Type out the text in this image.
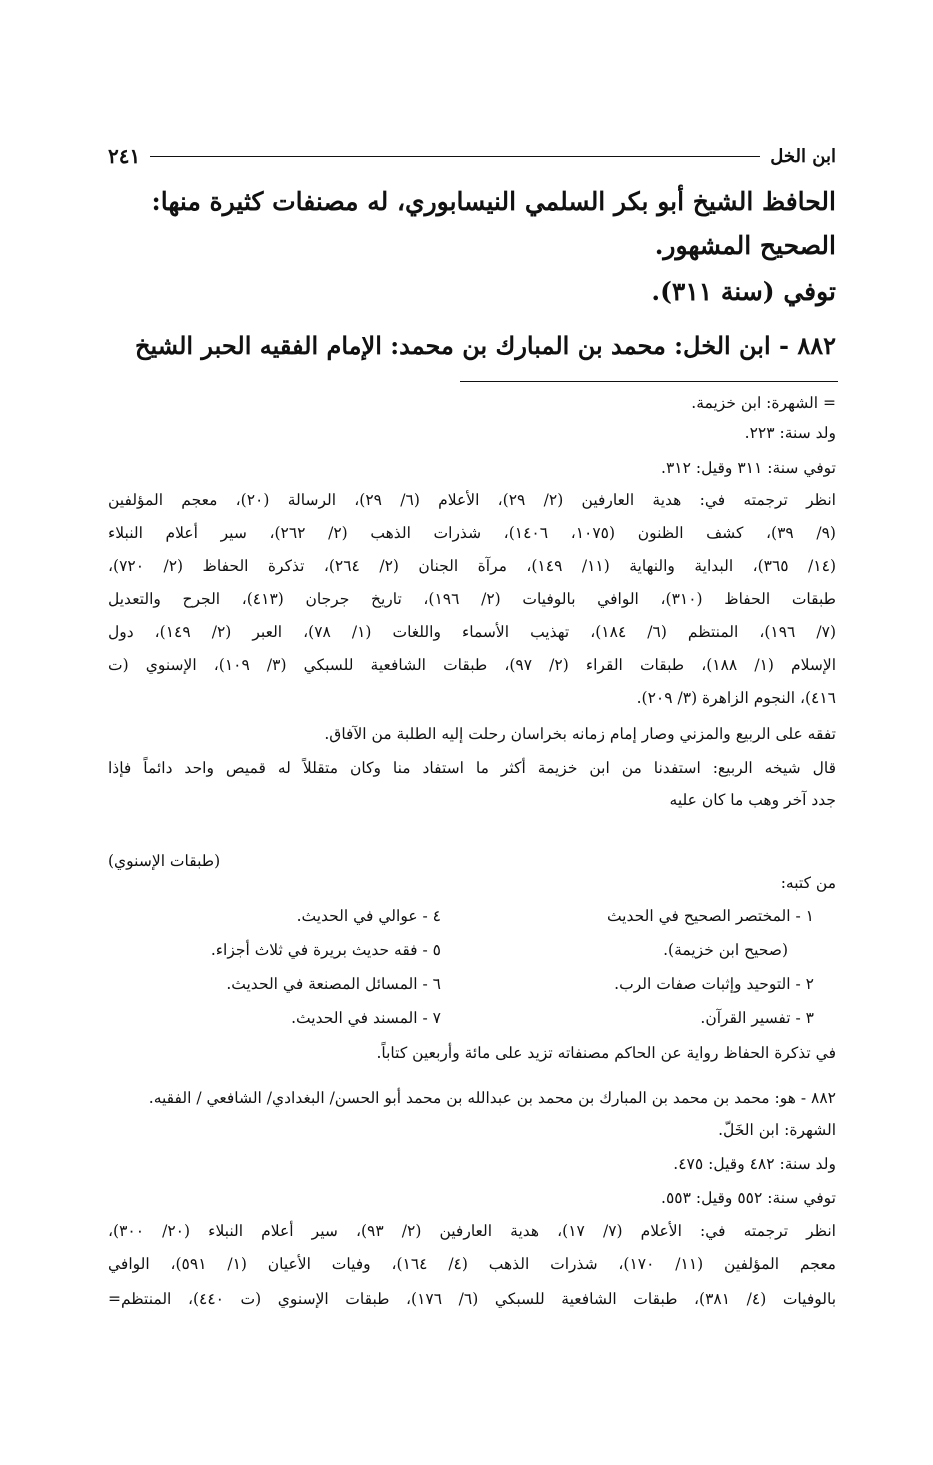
ابن الخل
٢٤١
الحافظ الشيخ أبو بكر السلمي النيسابوري، له مصنفات كثيرة منها:
الصحيح المشهور.
توفي (سنة ٣١١).
٨٨٢ - ابن الخل: محمد بن المبارك بن محمد: الإمام الفقيه الحبر الشيخ
= الشهرة: ابن خزيمة.
ولد سنة: ٢٢٣.
توفي سنة: ٣١١ وقيل: ٣١٢.
انظر ترجمته في: هدية العارفين (٢/ ٢٩)، الأعلام (٦/ ٢٩)، الرسالة (٢٠)، معجم المؤلفين
(٩/ ٣٩)، كشف الظنون (١٠٧٥، ١٤٠٦)، شذرات الذهب (٢/ ٢٦٢)، سير أعلام النبلاء
(١٤/ ٣٦٥)، البداية والنهاية (١١/ ١٤٩)، مرآة الجنان (٢/ ٢٦٤)، تذكرة الحفاظ (٢/ ٧٢٠)،
طبقات الحفاظ (٣١٠)، الوافي بالوفيات (٢/ ١٩٦)، تاريخ جرجان (٤١٣)، الجرح والتعديل
(٧/ ١٩٦)، المنتظم (٦/ ١٨٤)، تهذيب الأسماء واللغات (١/ ٧٨)، العبر (٢/ ١٤٩)، دول
الإسلام (١/ ١٨٨)، طبقات القراء (٢/ ٩٧)، طبقات الشافعية للسبكي (٣/ ١٠٩)، الإسنوي (ت
٤١٦)، النجوم الزاهرة (٣/ ٢٠٩).
تفقه على الربيع والمزني وصار إمام زمانه بخراسان رحلت إليه الطلبة من الآفاق.
قال شيخه الربيع: استفدنا من ابن خزيمة أكثر ما استفاد منا وكان متقللاً له قميص واحد دائماً فإذا
جدد آخر وهب ما كان عليه
(طبقات الإسنوي)
من كتبه:
١ - المختصر الصحيح في الحديث
٤ - عوالي في الحديث.
(صحيح ابن خزيمة).
٥ - فقه حديث بريرة في ثلاث أجزاء.
٢ - التوحيد وإثبات صفات الرب.
٦ - المسائل المصنعة في الحديث.
٣ - تفسير القرآن.
٧ - المسند في الحديث.
في تذكرة الحفاظ رواية عن الحاكم مصنفاته تزيد على مائة وأربعين كتاباً.
٨٨٢ - هو: محمد بن محمد بن المبارك بن محمد بن عبدالله بن محمد أبو الحسن/ البغدادي/ الشافعي / الفقيه.
الشهرة: ابن الخَلّ.
ولد سنة: ٤٨٢ وقيل: ٤٧٥.
توفي سنة: ٥٥٢ وقيل: ٥٥٣.
انظر ترجمته في: الأعلام (٧/ ١٧)، هدية العارفين (٢/ ٩٣)، سير أعلام النبلاء (٢٠/ ٣٠٠)،
معجم المؤلفين (١١/ ١٧٠)، شذرات الذهب (٤/ ١٦٤)، وفيات الأعيان (١/ ٥٩١)، الوافي
بالوفيات (٤/ ٣٨١)، طبقات الشافعية للسبكي (٦/ ١٧٦)، طبقات الإسنوي (ت ٤٤٠)، المنتظم=
